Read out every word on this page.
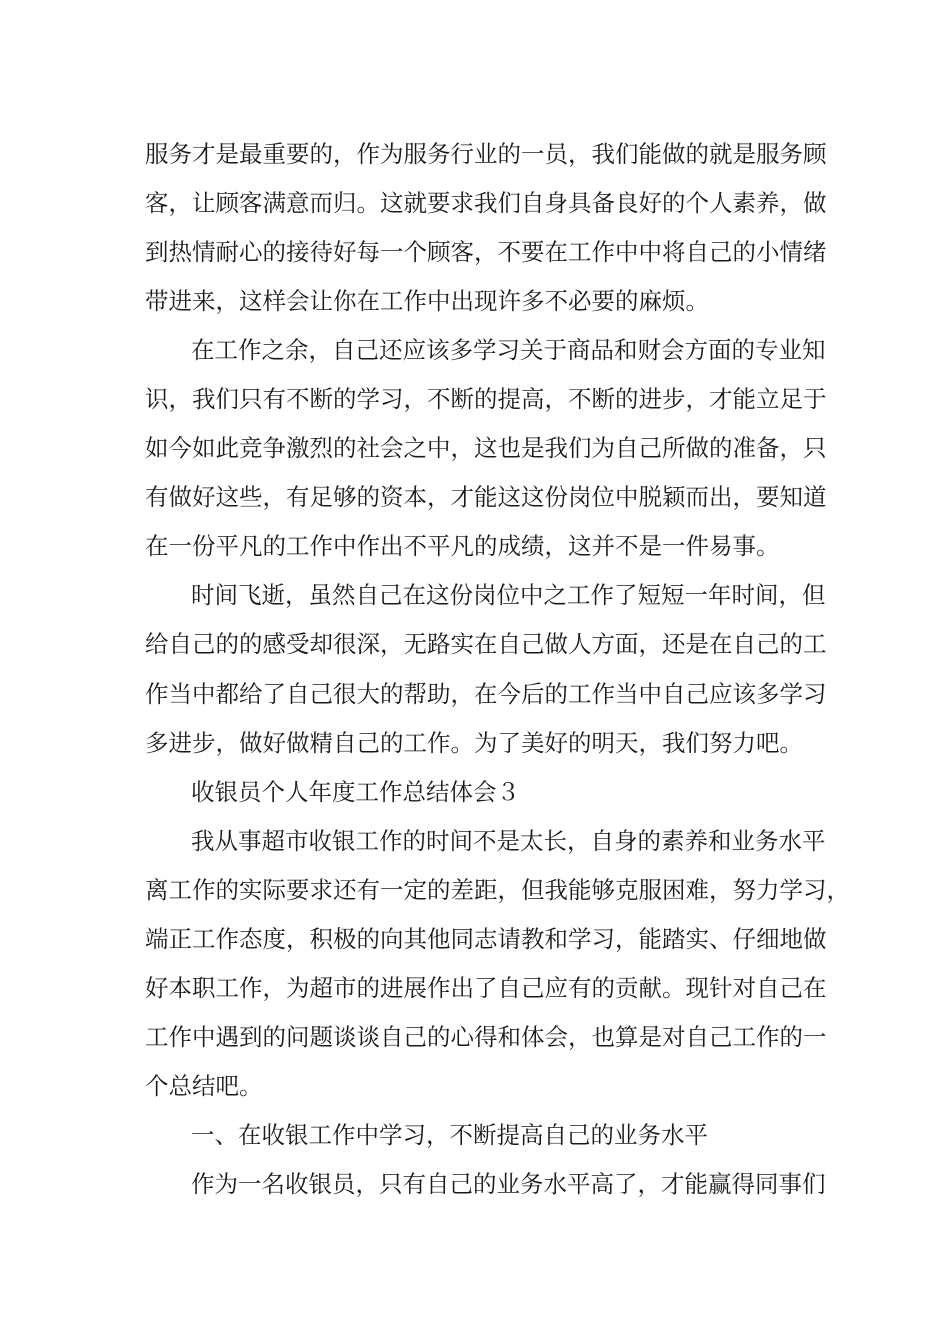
服务才是最重要的，作为服务行业的一员，我们能做的就是服务顾
客，让顾客满意而归。这就要求我们自身具备良好的个人素养，做
到热情耐心的接待好每一个顾客，不要在工作中中将自己的小情绪
带进来，这样会让你在工作中出现许多不必要的麻烦。
在工作之余，自己还应该多学习关于商品和财会方面的专业知
识，我们只有不断的学习，不断的提高，不断的进步，才能立足于
如今如此竞争激烈的社会之中，这也是我们为自己所做的准备，只
有做好这些，有足够的资本，才能这这份岗位中脱颖而出，要知道
在一份平凡的工作中作出不平凡的成绩，这并不是一件易事。
时间飞逝，虽然自己在这份岗位中之工作了短短一年时间，但
给自己的的感受却很深，无路实在自己做人方面，还是在自己的工
作当中都给了自己很大的帮助，在今后的工作当中自己应该多学习
多进步，做好做精自己的工作。为了美好的明天，我们努力吧。
收银员个人年度工作总结体会３
我从事超市收银工作的时间不是太长，自身的素养和业务水平
离工作的实际要求还有一定的差距，但我能够克服困难，努力学习，
端正工作态度，积极的向其他同志请教和学习，能踏实、仔细地做
好本职工作，为超市的进展作出了自己应有的贡献。现针对自己在
工作中遇到的问题谈谈自己的心得和体会，也算是对自己工作的一
个总结吧。
一、在收银工作中学习，不断提高自己的业务水平
作为一名收银员，只有自己的业务水平高了，才能赢得同事们
